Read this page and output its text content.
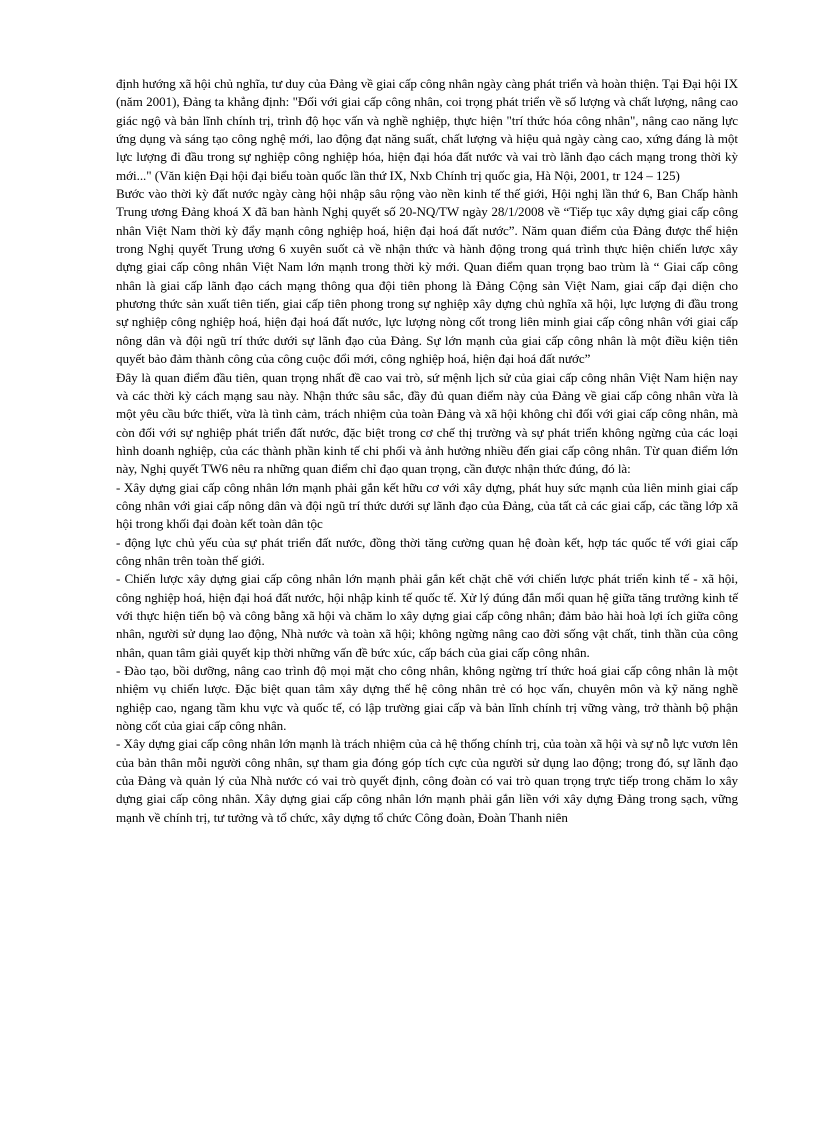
định hướng xã hội chủ nghĩa, tư duy của Đảng về giai cấp công nhân ngày càng phát triển và hoàn thiện. Tại Đại hội IX (năm 2001), Đảng ta khẳng định: "Đối với giai cấp công nhân, coi trọng phát triển về số lượng và chất lượng, nâng cao giác ngộ và bản lĩnh chính trị, trình độ học vấn và nghề nghiệp, thực hiện "trí thức hóa công nhân", nâng cao năng lực ứng dụng và sáng tạo công nghệ mới, lao động đạt năng suất, chất lượng và hiệu quả ngày càng cao, xứng đáng là một lực lượng đi đầu trong sự nghiệp công nghiệp hóa, hiện đại hóa đất nước và vai trò lãnh đạo cách mạng trong thời kỳ mới..." (Văn kiện Đại hội đại biểu toàn quốc lần thứ IX, Nxb Chính trị quốc gia, Hà Nội, 2001, tr 124 – 125)

Bước vào thời kỳ đất nước ngày càng hội nhập sâu rộng vào nền kinh tế thế giới, Hội nghị lần thứ 6, Ban Chấp hành Trung ương Đảng khoá X đã ban hành Nghị quyết số 20-NQ/TW ngày 28/1/2008 về “Tiếp tục xây dựng giai cấp công nhân Việt Nam thời kỳ đẩy mạnh công nghiệp hoá, hiện đại hoá đất nước”. Năm quan điểm của Đảng được thể hiện trong Nghị quyết Trung ương 6 xuyên suốt cả về nhận thức và hành động trong quá trình thực hiện chiến lược xây dựng giai cấp công nhân Việt Nam lớn mạnh trong thời kỳ mới. Quan điểm quan trọng bao trùm là “ Giai cấp công nhân là giai cấp lãnh đạo cách mạng thông qua đội tiên phong là Đảng Cộng sản Việt Nam, giai cấp đại diện cho phương thức sản xuất tiên tiến, giai cấp tiên phong trong sự nghiệp xây dựng chủ nghĩa xã hội, lực lượng đi đầu trong sự nghiệp công nghiệp hoá, hiện đại hoá đất nước, lực lượng nòng cốt trong liên minh giai cấp công nhân với giai cấp nông dân và đội ngũ trí thức dưới sự lãnh đạo của Đảng. Sự lớn mạnh của giai cấp công nhân là một điều kiện tiên quyết bảo đảm thành công của công cuộc đổi mới, công nghiệp hoá, hiện đại hoá đất nước”

Đây là quan điểm đầu tiên, quan trọng nhất đề cao vai trò, sứ mệnh lịch sử của giai cấp công nhân Việt Nam hiện nay và các thời kỳ cách mạng sau này. Nhận thức sâu sắc, đầy đủ quan điểm này của Đảng về giai cấp công nhân vừa là một yêu cầu bức thiết, vừa là tình cảm, trách nhiệm của toàn Đảng và xã hội không chỉ đối với giai cấp công nhân, mà còn đối với sự nghiệp phát triển đất nước, đặc biệt trong cơ chế thị trường và sự phát triển không ngừng của các loại hình doanh nghiệp, của các thành phần kinh tế chi phối và ảnh hưởng nhiều đến giai cấp công nhân. Từ quan điểm lớn này, Nghị quyết TW6 nêu ra những quan điểm chỉ đạo quan trọng, cần được nhận thức đúng, đó là:

- Xây dựng giai cấp công nhân lớn mạnh phải gắn kết hữu cơ với xây dựng, phát huy sức mạnh của liên minh giai cấp công nhân với giai cấp nông dân và đội ngũ trí thức dưới sự lãnh đạo của Đảng, của tất cả các giai cấp, các tầng lớp xã hội trong khối đại đoàn kết toàn dân tộc

- động lực chủ yếu của sự phát triển đất nước, đồng thời tăng cường quan hệ đoàn kết, hợp tác quốc tế với giai cấp công nhân trên toàn thế giới.

- Chiến lược xây dựng giai cấp công nhân lớn mạnh phải gắn kết chặt chẽ với chiến lược phát triển kinh tế - xã hội, công nghiệp hoá, hiện đại hoá đất nước, hội nhập kinh tế quốc tế. Xử lý đúng đắn mối quan hệ giữa tăng trưởng kinh tế với thực hiện tiến bộ và công bằng xã hội và chăm lo xây dựng giai cấp công nhân; đảm bảo hài hoà lợi ích giữa công nhân, người sử dụng lao động, Nhà nước và toàn xã hội; không ngừng nâng cao đời sống vật chất, tinh thần của công nhân, quan tâm giải quyết kịp thời những vấn đề bức xúc, cấp bách của giai cấp công nhân.

- Đào tạo, bồi dưỡng, nâng cao trình độ mọi mặt cho công nhân, không ngừng trí thức hoá giai cấp công nhân là một nhiệm vụ chiến lược. Đặc biệt quan tâm xây dựng thế hệ công nhân trẻ có học vấn, chuyên môn và kỹ năng nghề nghiệp cao, ngang tầm khu vực và quốc tế, có lập trường giai cấp và bản lĩnh chính trị vững vàng, trở thành bộ phận nòng cốt của giai cấp công nhân.

- Xây dựng giai cấp công nhân lớn mạnh là trách nhiệm của cả hệ thống chính trị, của toàn xã hội và sự nỗ lực vươn lên của bản thân mỗi người công nhân, sự tham gia đóng góp tích cực của người sử dụng lao động; trong đó, sự lãnh đạo của Đảng và quản lý của Nhà nước có vai trò quyết định, công đoàn có vai trò quan trọng trực tiếp trong chăm lo xây dựng giai cấp công nhân. Xây dựng giai cấp công nhân lớn mạnh phải gắn liền với xây dựng Đảng trong sạch, vững mạnh về chính trị, tư tưởng và tổ chức, xây dựng tổ chức Công đoàn, Đoàn Thanh niên
